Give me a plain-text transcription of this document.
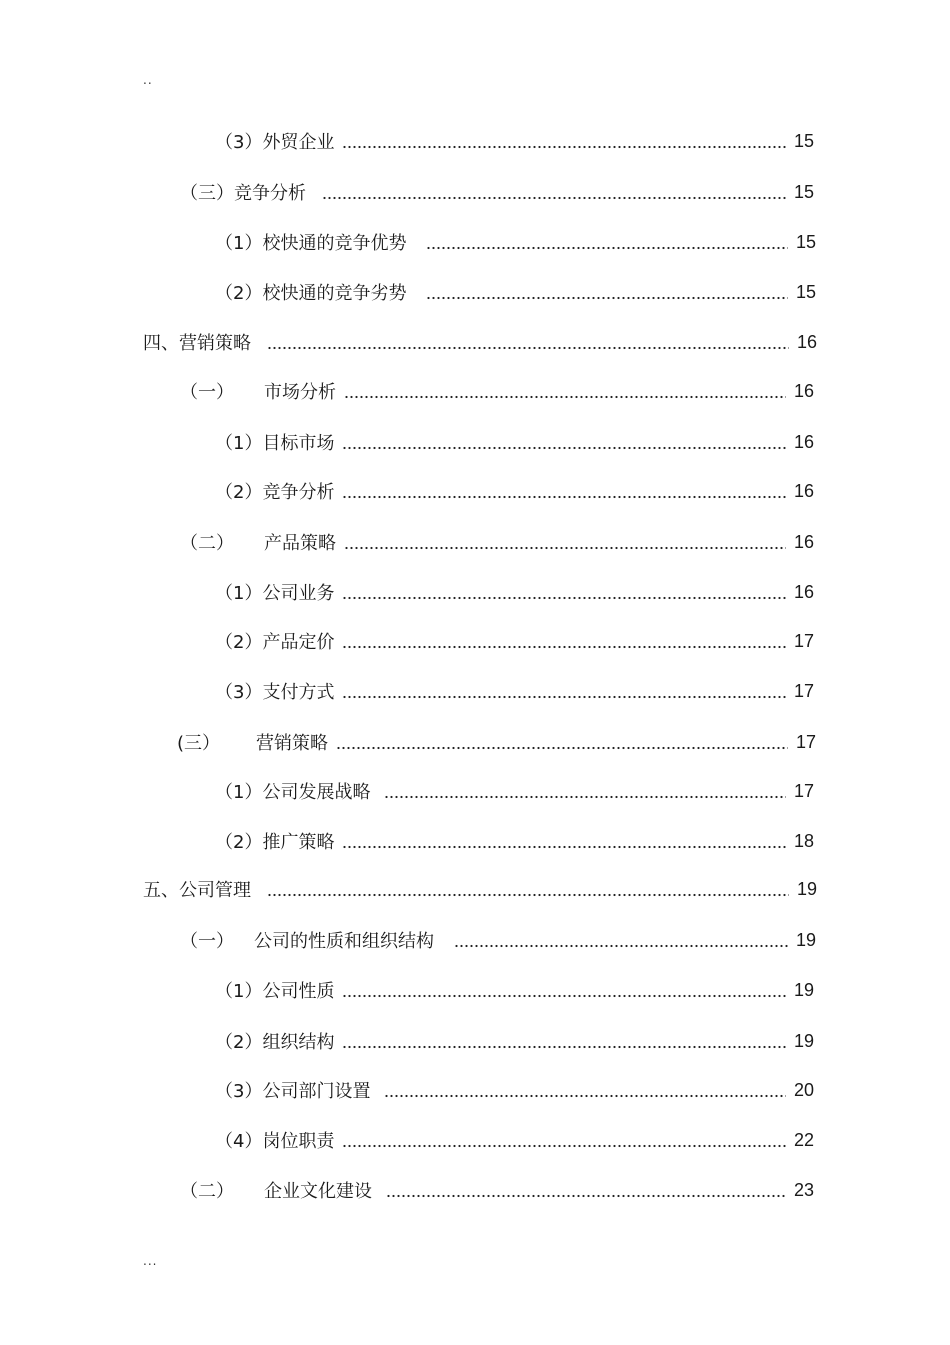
..
（3） 外贸企业	15
（三） 竞争分析	15
（1） 校快通的竞争优势	15
（2） 校快通的竞争劣势	15
四、 营销策略	16
（一） 市场分析	16
（1） 目标市场	16
（2） 竞争分析	16
（二） 产品策略	16
（1） 公司业务	16
（2） 产品定价	17
（3） 支付方式	17
(三） 营销策略	17
（1） 公司发展战略	17
（2） 推广策略	18
五、 公司管理	19
（一） 公司的性质和组织结构	19
（1） 公司性质	19
（2） 组织结构	19
（3） 公司部门设置	20
（4） 岗位职责	22
（二） 企业文化建设	23
...
